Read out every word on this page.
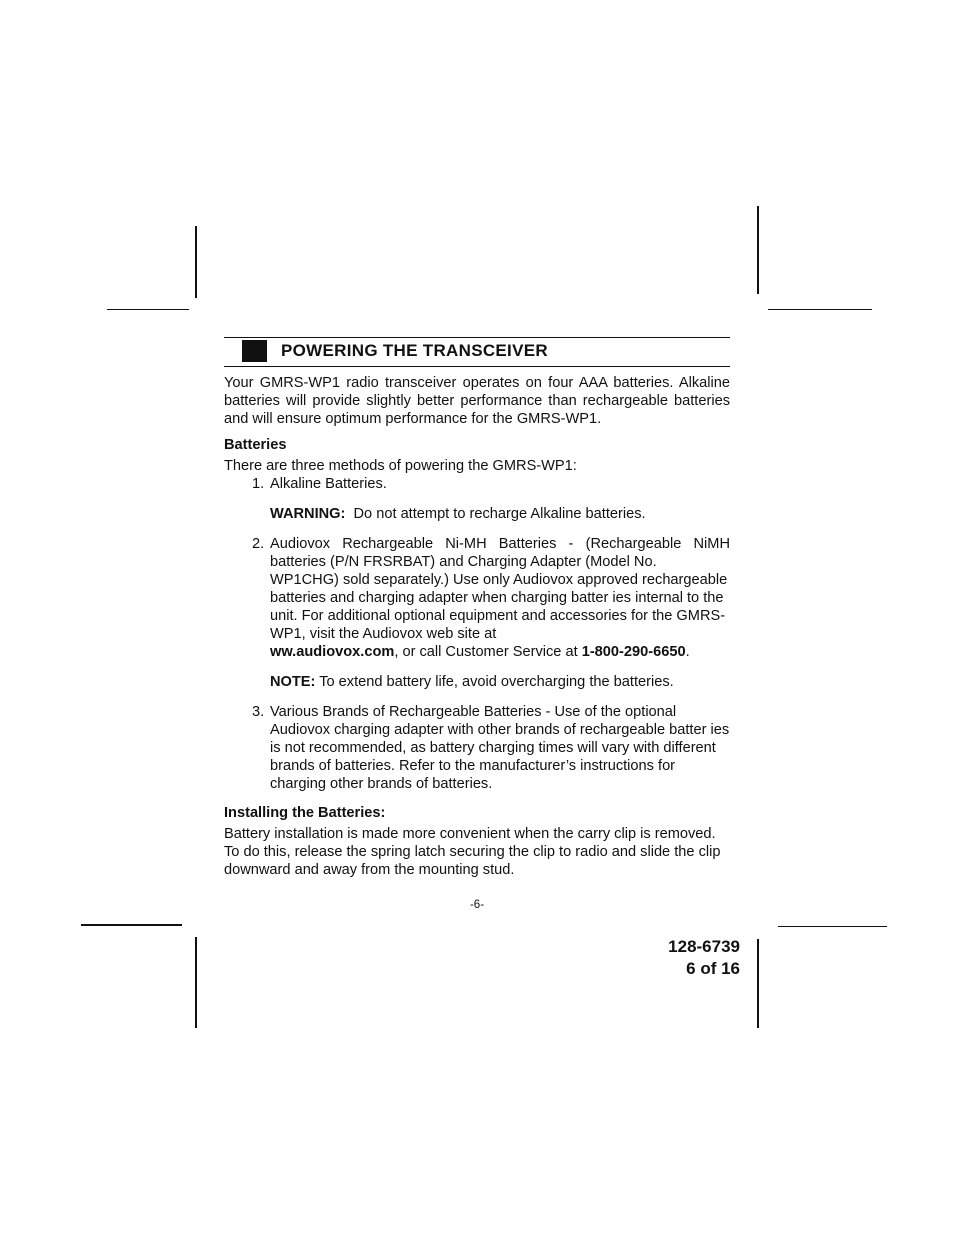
POWERING THE TRANSCEIVER

Your GMRS-WP1 radio transceiver operates on four AAA batteries. Alkaline batteries will provide slightly better performance than rechargeable batteries and will ensure optimum performance for the GMRS-WP1.

Batteries

There are three methods of powering the GMRS-WP1:

1. Alkaline Batteries.

WARNING: Do not attempt to recharge Alkaline batteries.

2. Audiovox Rechargeable Ni-MH Batteries - (Rechargeable NiMH batteries (P/N FRSRBAT) and Charging Adapter (Model No.
WP1CHG) sold separately.) Use only Audiovox approved rechargeable batteries and charging adapter when charging batter ies internal to the unit. For additional optional equipment and accessories for the GMRS-WP1, visit the Audiovox web site at
ww.audiovox.com, or call Customer Service at 1-800-290-6650.

NOTE: To extend battery life, avoid overcharging the batteries.

3. Various Brands of Rechargeable Batteries - Use of the optional Audiovox charging adapter with other brands of rechargeable batter ies is not recommended, as battery charging times will vary with different brands of batteries. Refer to the manufacturer’s instructions for charging other brands of batteries.

Installing the Batteries:

Battery installation is made more convenient when the carry clip is removed. To do this, release the spring latch securing the clip to radio and slide the clip downward and away from the mounting stud.

-6-
128-6739
6 of 16
